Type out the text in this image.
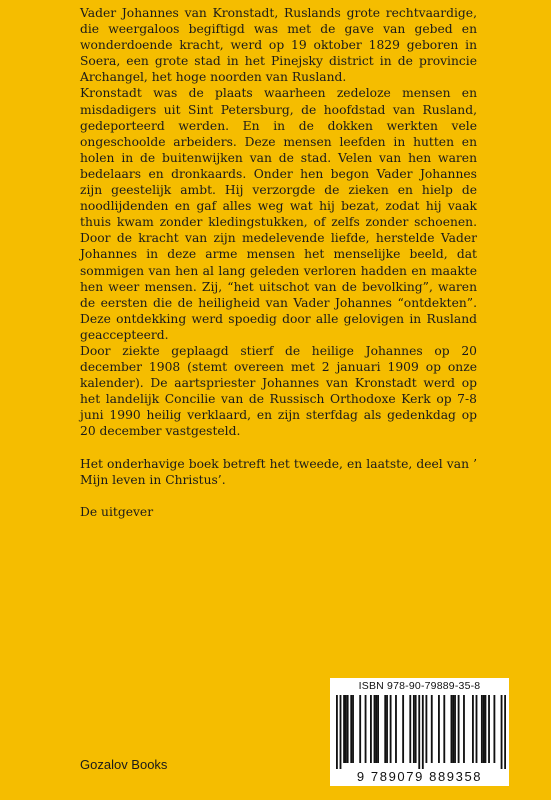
Vader Johannes van Kronstadt, Ruslands grote rechtvaardige, die weergaloos begiftigd was met de gave van gebed en wonderdoende kracht, werd op 19 oktober 1829 geboren in Soera, een grote stad in het Pinejsky district in de provincie Archangel, het hoge noorden van Rusland.

Kronstadt was de plaats waarheen zedeloze mensen en misdadigers uit Sint Petersburg, de hoofdstad van Rusland, gedeporteerd werden. En in de dokken werkten vele ongeschoolde arbeiders. Deze mensen leefden in hutten en holen in de buitenwijken van de stad. Velen van hen waren bedelaars en dronkaards. Onder hen begon Vader Johannes zijn geestelijk ambt. Hij verzorgde de zieken en hielp de noodlijdenden en gaf alles weg wat hij bezat, zodat hij vaak thuis kwam zonder kledingstukken, of zelfs zonder schoenen. Door de kracht van zijn medelevende liefde, herstelde Vader Johannes in deze arme mensen het menselijke beeld, dat sommigen van hen al lang geleden verloren hadden en maakte hen weer mensen. Zij, “het uitschot van de bevolking”, waren de eersten die de heiligheid van Vader Johannes “ontdekten”. Deze ontdekking werd spoedig door alle gelovigen in Rusland geaccepteerd.

Door ziekte geplaagd stierf de heilige Johannes op 20 december 1908 (stemt overeen met 2 januari 1909 op onze kalender). De aartspriester Johannes van Kronstadt werd op het landelijk Concilie van de Russisch Orthodoxe Kerk op 7-8 juni 1990 heilig verklaard, en zijn sterfdag als gedenkdag op 20 december vastgesteld.

Het onderhavige boek betreft het tweede, en laatste, deel van ’ Mijn leven in Christus’.

De uitgever

ISBN 978-90-79889-35-8
9 789079 889358
Gozalov Books
